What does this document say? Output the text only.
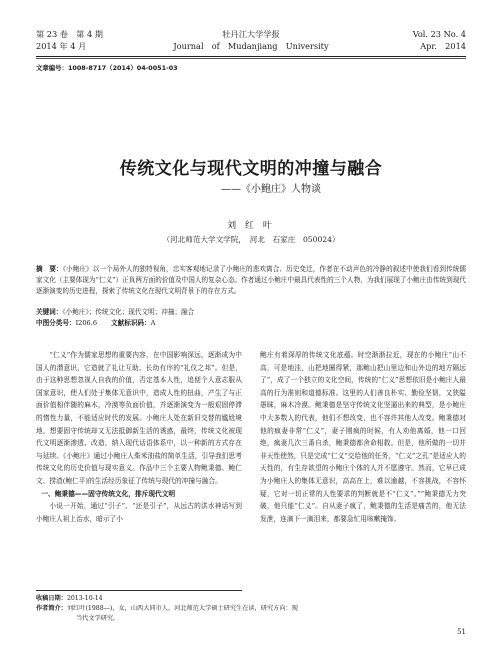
第 23 卷　第 4 期
2014 年 4 月
牡丹江大学学报
Journal　of　Mudanjiang　University
Vol. 23 No. 4
Apr.　2014
文章编号：1008-8717（2014）04-0051-03
传统文化与现代文明的冲撞与融合
——《小鲍庄》人物谈
刘 红 叶
（河北师范大学文学院，　河北　石家庄　050024）
摘　要：《小鲍庄》以一个局外人的独特视角，忠实客观地记录了小鲍庄的悲欢离合、历史变迁，作者在不动声色的冷静的叙述中使我们看到传统儒家文化（主要体现为“仁义”）正負两方面的价值及中国人的复杂心态。作者通过小鲍庄中最具代表性的三个人物，为我们展现了小鲍庄由传统到现代逐渐演变的历史进程，探索了传统文化在现代文明背景下的存在方式。
关键词：《小鲍庄》；传统文化；现代文明；冲撞；融合
中图分类号：I206.6 文献标识码：A

“仁义”作为儒家思想的重要内容，在中国影响深远，逐渐成为中国人的潜意识，它造就了礼让互助、长幼有序的“礼仪之邦”。但是，由于这种思想忽视人自我的价值，否定基本人性，追便个人意志服从国家意识，使人们处于集体无意识中，造成人性的扭曲，产生了与正面价值相伴随的麻木，冷漠等负面价值，并逐渐演变为一般艰固停滞的惰性力量，不能适应时代的发展。小鲍庄人处在新旧交替的尴尬境地，想要固守传统却又无法抵御新生活的诱惑，最终，传统文化被现代文明逐渐渗透、改造，纳入现代话语体系中，以一种新的方式存在与延续。《小鲍庄》通过小鲍庄人柴米油盐的简单生活，引导我们思考传统文化的历史价值与现实意义。作品中三个主要人物鲍秉德、鲍仁文、捞渣(鲍仁平)的生活经历象征了传统与现代的冲撞与融合。

一、鲍秉德——固守传统文化，排斥现代文明

小说一开始，通过“引子”、“还是引子”，从远古的洪水神话写到小鲍庄人祖上治水，暗示了小

鲍庄有着深厚的传统文化底蕴。时空渐渐拉近，现在的小鲍庄“山不高，可是地洼，山把地圈得紧，那鲍山把山里边和山外边的地方隔远了”，成了一个独立的文化空间，传统的“仁义”思想依旧是小鲍庄人最高的行为准则和道德标准。这里的人们善良朴实、勤俭坚韧，又狭隘愚昧，麻木冷漠。鲍秉德是坚守传统文化坚逼出来的典型，是小鲍庄中大多数人的代表，他们不想改变，也不容许其他人改变。鲍秉德对他的疯妻非常“仁义”，妻子刚疯的时候，有人劝他离婚，他一口回绝，疯妻几次三番自杀，鲍秉德都舍命相救。但是，他所做的一切并非天性使然，只是完成“仁义”交给他的任务，“仁义”之孔“是适应人的天性的，有生存欲望的小鲍庄个体的人并不愿遵守。然而，它早已成为小鲍庄人的集体无意识，高高在上，难以逾越，不容挑战，不容怀疑，它对一切正常的人性要求的判断就是不“仁义”。”“鲍秉德无力突破，他只能“仁义”。自从妻子疯了，鲍秉德的生活是痛苦的，他无法发泄，连滴下一滴泪来，都要急忙用咳嗽掩饰。

收稿日期：2013-10-14
作者简介：刘红叶(1988—)，女，山西大同市人，河北师范大学硕士研究生在读，研究方向：现
当代文学研究。
51
